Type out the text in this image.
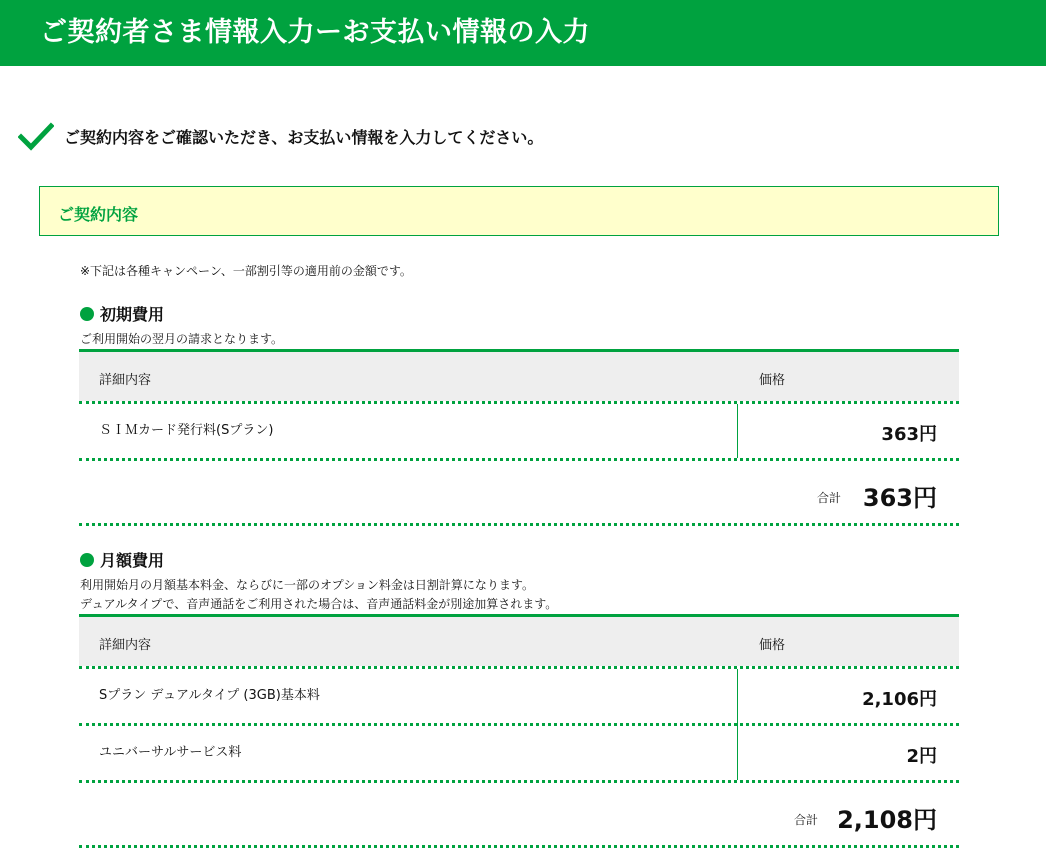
ご契約者さま情報入力ーお支払い情報の入力
ご契約内容をご確認いただき、お支払い情報を入力してください。
ご契約内容
※下記は各種キャンペーン、一部割引等の適用前の金額です。
初期費用
ご利用開始の翌月の請求となります。
詳細内容	価格
ＳＩＭカード発行料(Sプラン)	363円
合計 363円
月額費用
利用開始月の月額基本料金、ならびに一部のオプション料金は日割計算になります。
デュアルタイプで、音声通話をご利用された場合は、音声通話料金が別途加算されます。
詳細内容	価格
Sプラン デュアルタイプ (3GB)基本料	2,106円
ユニバーサルサービス料	2円
合計 2,108円
